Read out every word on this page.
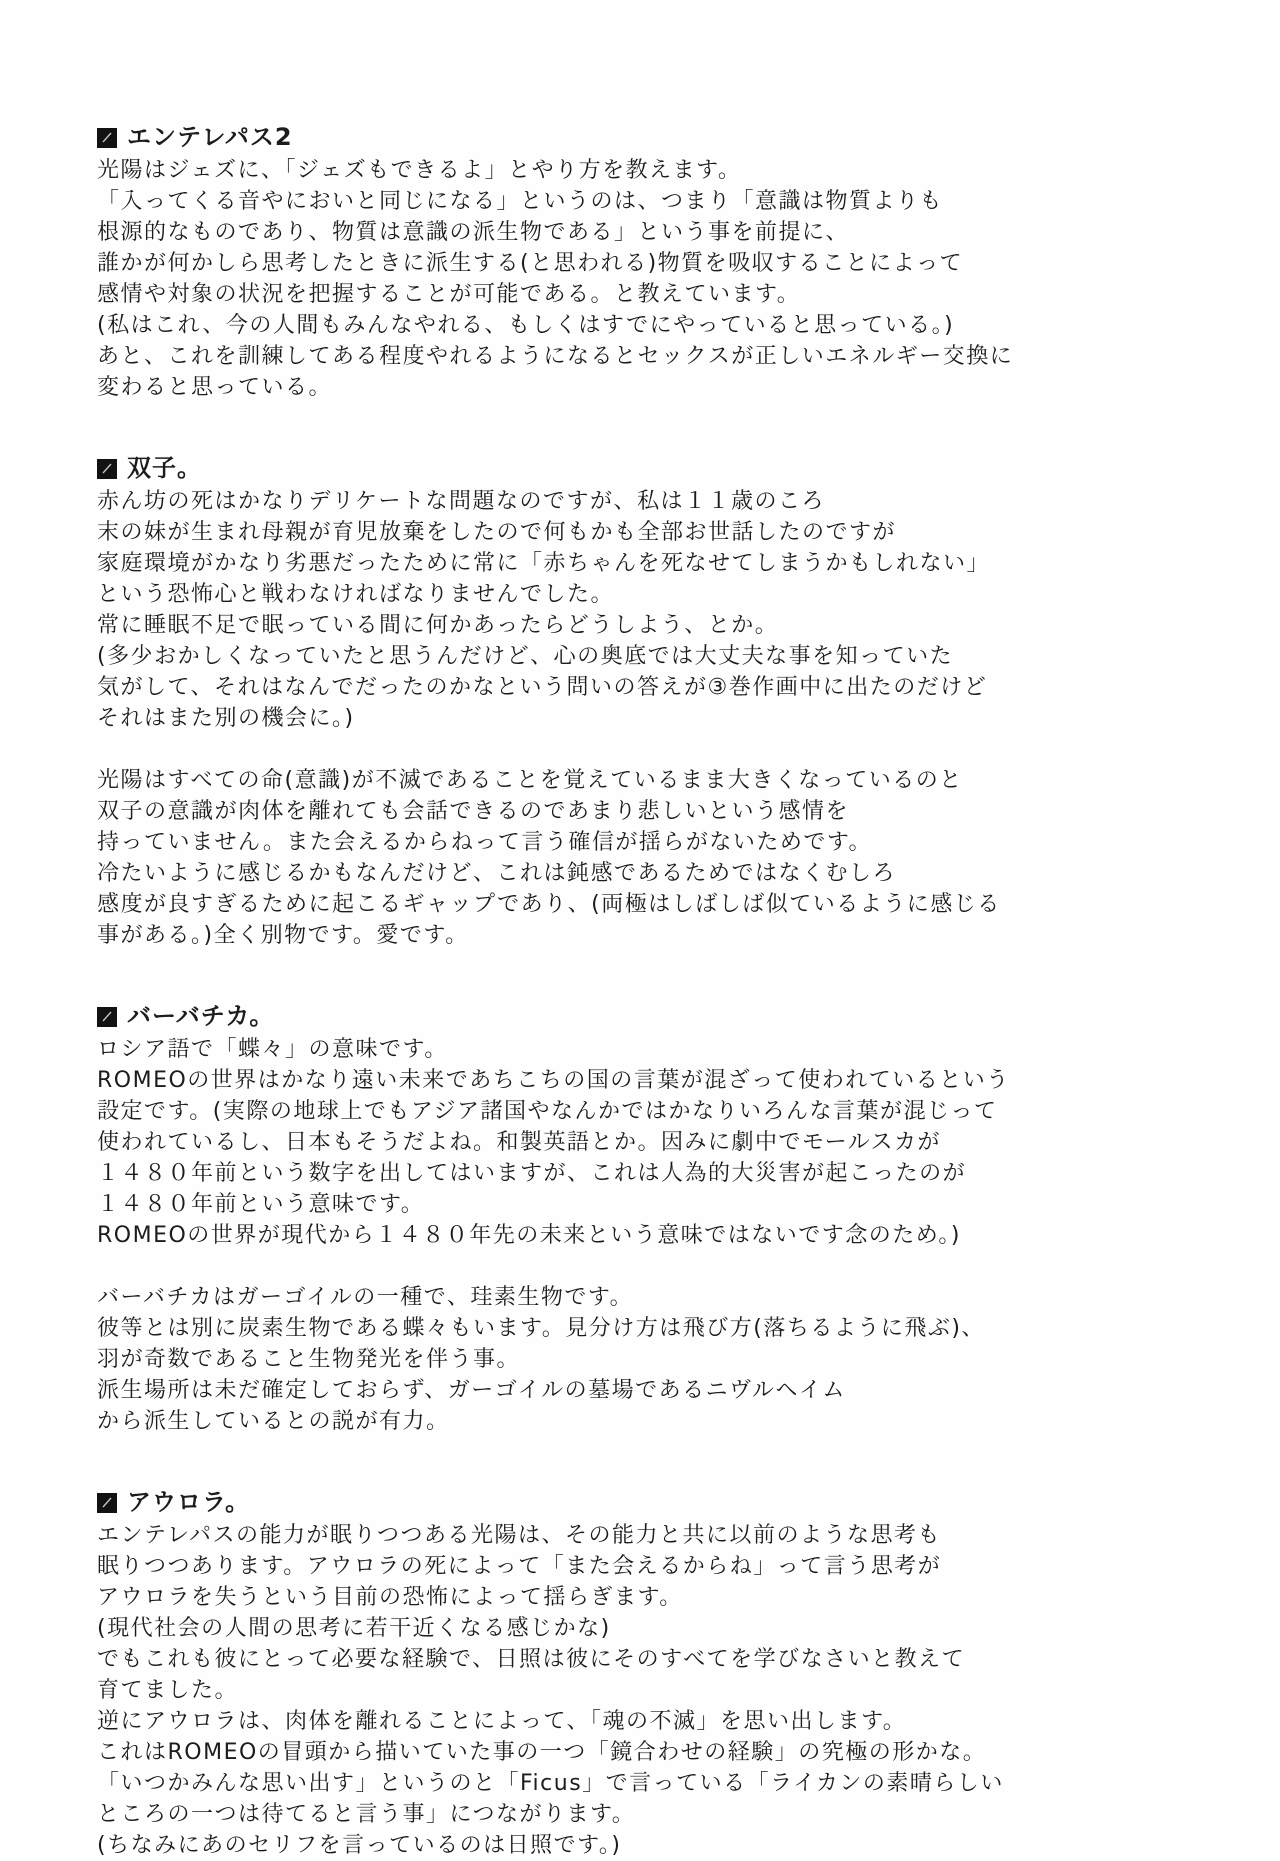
エンテレパス2

光陽はジェズに、「ジェズもできるよ」とやり方を教えます。

「入ってくる音やにおいと同じになる」というのは、つまり「意識は物質よりも

根源的なものであり、物質は意識の派生物である」という事を前提に、

誰かが何かしら思考したときに派生する(と思われる)物質を吸収することによって

感情や対象の状況を把握することが可能である。と教えています。

(私はこれ、今の人間もみんなやれる、もしくはすでにやっていると思っている。)

あと、これを訓練してある程度やれるようになるとセックスが正しいエネルギー交換に

変わると思っている。

双子。

赤ん坊の死はかなりデリケートな問題なのですが、私は１１歳のころ

末の妹が生まれ母親が育児放棄をしたので何もかも全部お世話したのですが

家庭環境がかなり劣悪だったために常に「赤ちゃんを死なせてしまうかもしれない」

という恐怖心と戦わなければなりませんでした。

常に睡眠不足で眠っている間に何かあったらどうしよう、とか。

(多少おかしくなっていたと思うんだけど、心の奥底では大丈夫な事を知っていた

気がして、それはなんでだったのかなという問いの答えが③巻作画中に出たのだけど

それはまた別の機会に。)

光陽はすべての命(意識)が不滅であることを覚えているまま大きくなっているのと

双子の意識が肉体を離れても会話できるのであまり悲しいという感情を

持っていません。また会えるからねって言う確信が揺らがないためです。

冷たいように感じるかもなんだけど、これは鈍感であるためではなくむしろ

感度が良すぎるために起こるギャップであり、(両極はしばしば似ているように感じる

事がある。)全く別物です。愛です。

バーバチカ。

ロシア語で「蝶々」の意味です。

ROMEOの世界はかなり遠い未来であちこちの国の言葉が混ざって使われているという

設定です。(実際の地球上でもアジア諸国やなんかではかなりいろんな言葉が混じって

使われているし、日本もそうだよね。和製英語とか。因みに劇中でモールスカが

１４８０年前という数字を出してはいますが、これは人為的大災害が起こったのが

１４８０年前という意味です。

ROMEOの世界が現代から１４８０年先の未来という意味ではないです念のため。)

バーバチカはガーゴイルの一種で、珪素生物です。

彼等とは別に炭素生物である蝶々もいます。見分け方は飛び方(落ちるように飛ぶ)、

羽が奇数であること生物発光を伴う事。

派生場所は未だ確定しておらず、ガーゴイルの墓場であるニヴルヘイム

から派生しているとの説が有力。

アウロラ。

エンテレパスの能力が眠りつつある光陽は、その能力と共に以前のような思考も

眠りつつあります。アウロラの死によって「また会えるからね」って言う思考が

アウロラを失うという目前の恐怖によって揺らぎます。

(現代社会の人間の思考に若干近くなる感じかな)

でもこれも彼にとって必要な経験で、日照は彼にそのすべてを学びなさいと教えて

育てました。

逆にアウロラは、肉体を離れることによって、「魂の不滅」を思い出します。

これはROMEOの冒頭から描いていた事の一つ「鏡合わせの経験」の究極の形かな。

「いつかみんな思い出す」というのと「Ficus」で言っている「ライカンの素晴らしい

ところの一つは待てると言う事」につながります。

(ちなみにあのセリフを言っているのは日照です。)
